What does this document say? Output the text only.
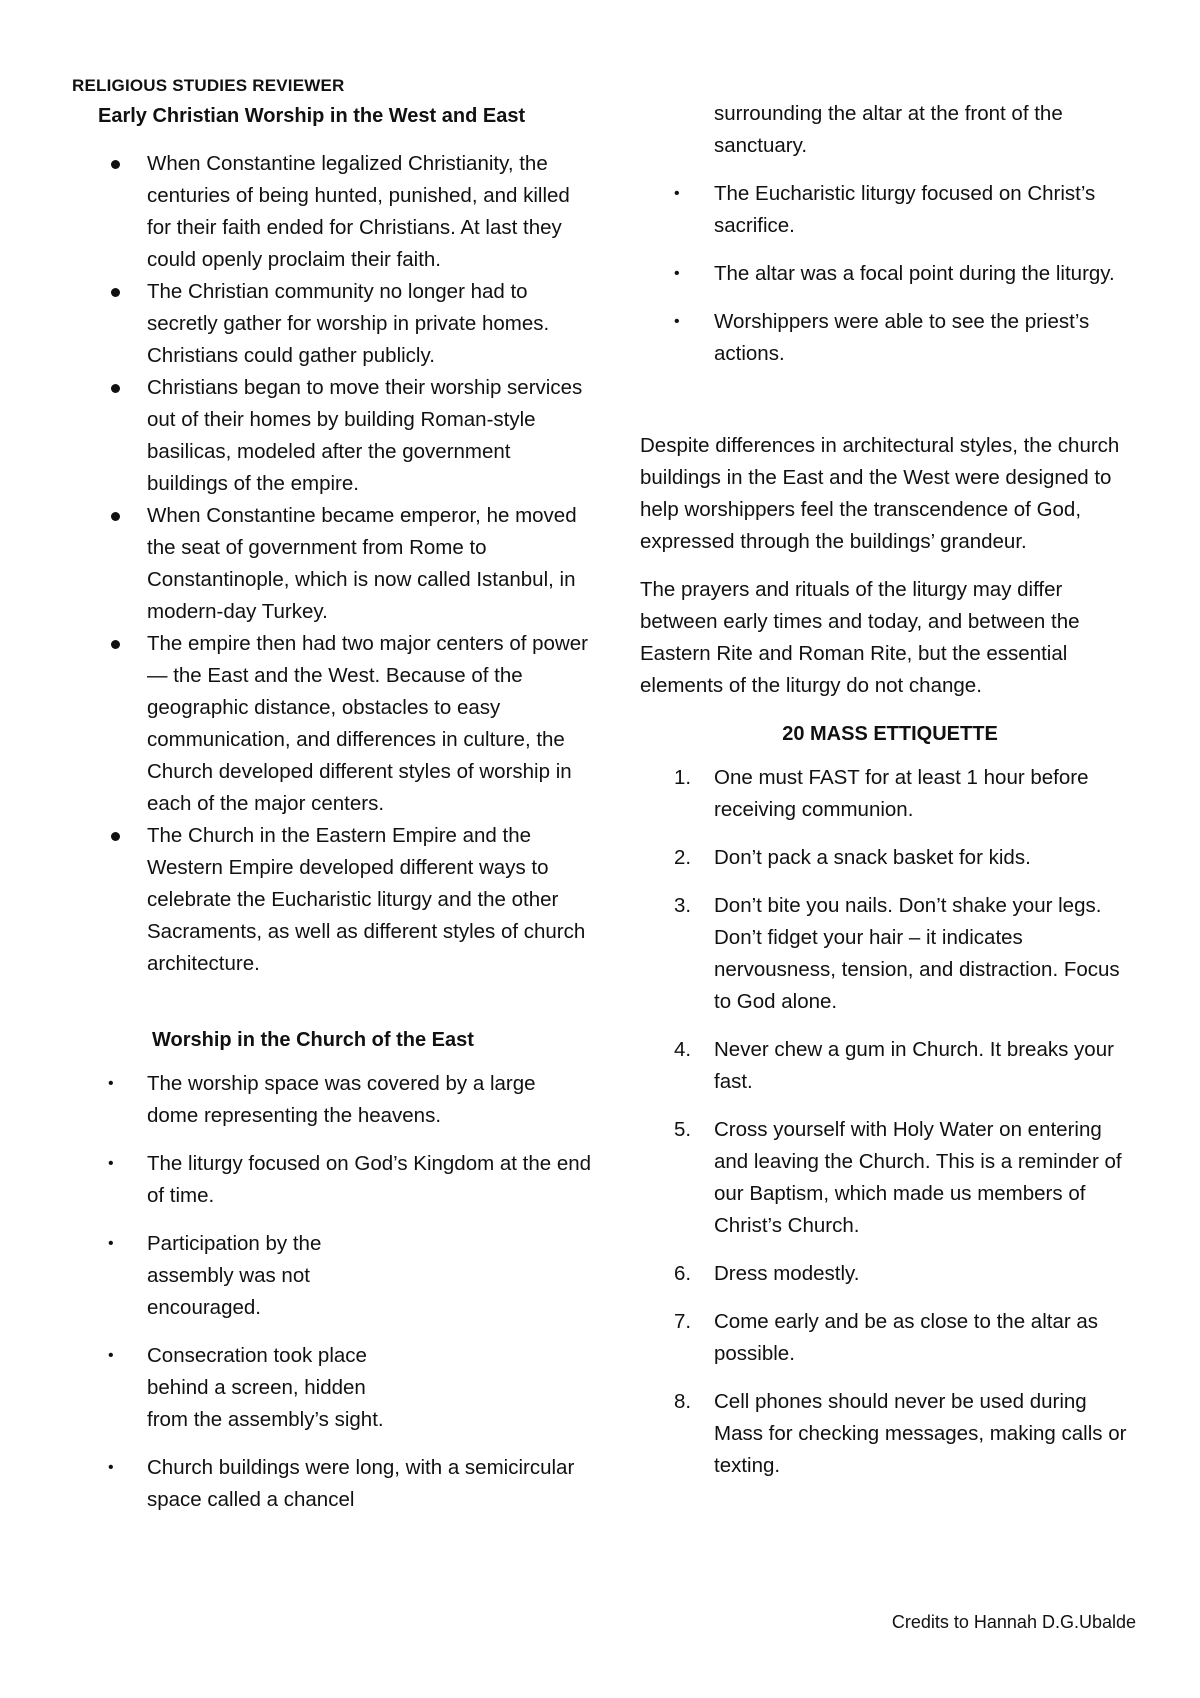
RELIGIOUS STUDIES REVIEWER
Early Christian Worship in the West and East
When Constantine legalized Christianity, the centuries of being hunted, punished, and killed for their faith ended for Christians. At last they could openly proclaim their faith.
The Christian community no longer had to secretly gather for worship in private homes. Christians could gather publicly.
Christians began to move their worship services out of their homes by building Roman-style basilicas, modeled after the government buildings of the empire.
When Constantine became emperor, he moved the seat of government from Rome to Constantinople, which is now called Istanbul, in modern-day Turkey.
The empire then had two major centers of power— the East and the West. Because of the geographic distance, obstacles to easy communication, and differences in culture, the Church developed different styles of worship in each of the major centers.
The Church in the Eastern Empire and the Western Empire developed different ways to celebrate the Eucharistic liturgy and the other Sacraments, as well as different styles of church architecture.
Worship in the Church of the East
• The worship space was covered by a large dome representing the heavens.
• The liturgy focused on God’s Kingdom at the end of time.
• Participation by the assembly was not encouraged.
• Consecration took place behind a screen, hidden from the assembly’s sight.
• Church buildings were long, with a semicircular space called a chancel
surrounding the altar at the front of the sanctuary.
• The Eucharistic liturgy focused on Christ’s sacrifice.
• The altar was a focal point during the liturgy.
• Worshippers were able to see the priest’s actions.

Despite differences in architectural styles, the church buildings in the East and the West were designed to help worshippers feel the transcendence of God, expressed through the buildings’ grandeur.

The prayers and rituals of the liturgy may differ between early times and today, and between the Eastern Rite and Roman Rite, but the essential elements of the liturgy do not change.

20 MASS ETTIQUETTE
1. One must FAST for at least 1 hour before receiving communion.
2. Don’t pack a snack basket for kids.
3. Don’t bite you nails. Don’t shake your legs. Don’t fidget your hair – it indicates nervousness, tension, and distraction. Focus to God alone.
4. Never chew a gum in Church. It breaks your fast.
5. Cross yourself with Holy Water on entering and leaving the Church. This is a reminder of our Baptism, which made us members of Christ’s Church.
6. Dress modestly.
7. Come early and be as close to the altar as possible.
8. Cell phones should never be used during Mass for checking messages, making calls or texting.
Credits to Hannah D.G.Ubalde
